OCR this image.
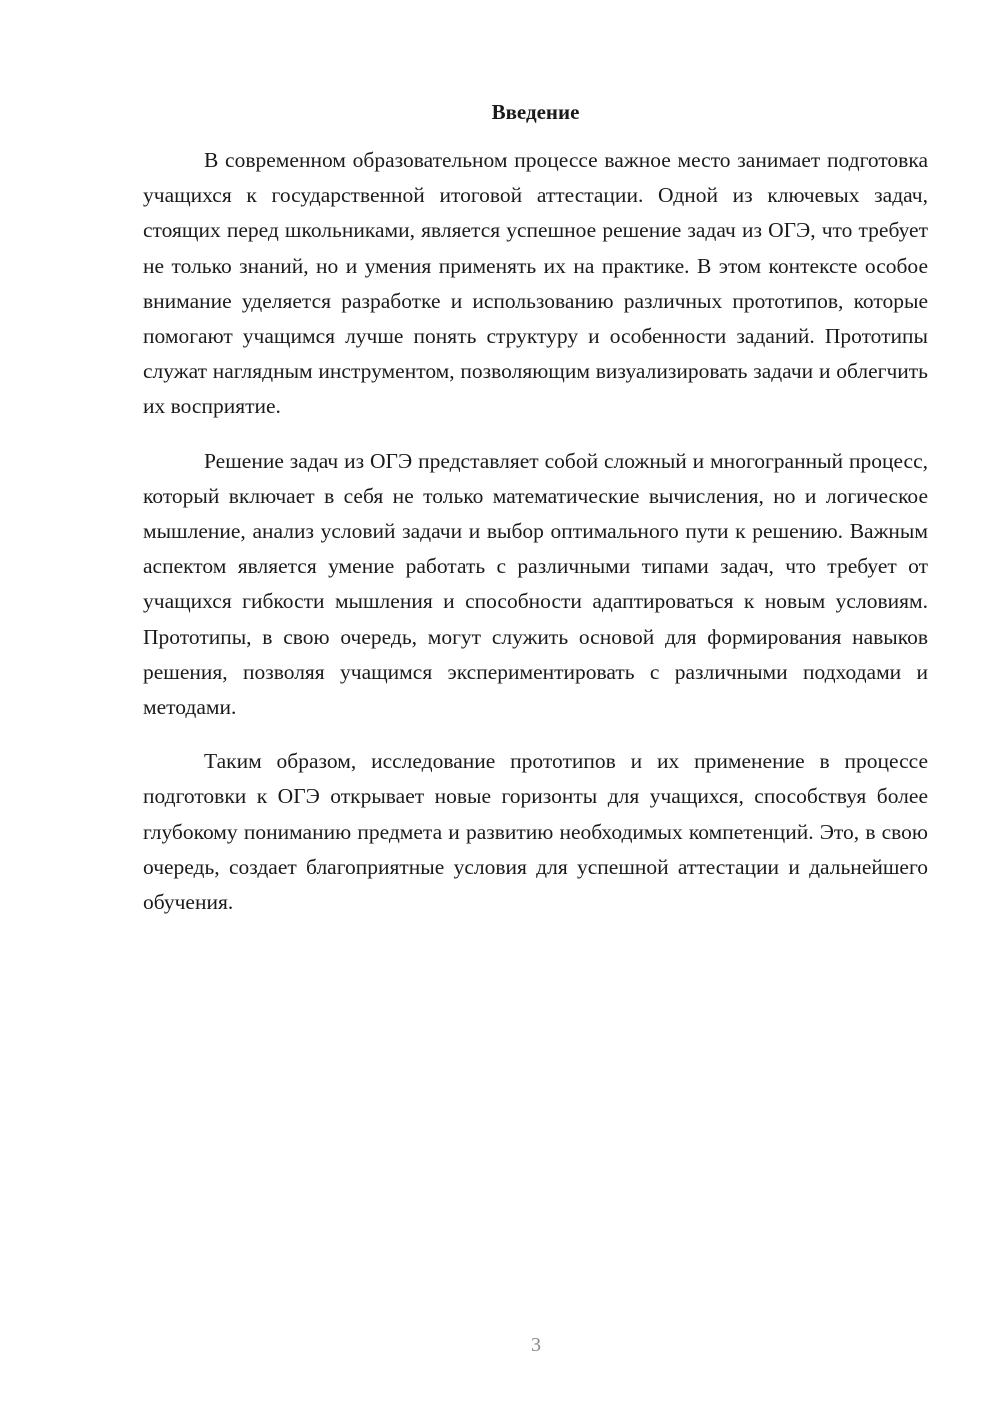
Введение

В современном образовательном процессе важное место занимает подготовка учащихся к государственной итоговой аттестации. Одной из ключевых задач, стоящих перед школьниками, является успешное решение задач из ОГЭ, что требует не только знаний, но и умения применять их на практике. В этом контексте особое внимание уделяется разработке и использованию различных прототипов, которые помогают учащимся лучше понять структуру и особенности заданий. Прототипы служат наглядным инструментом, позволяющим визуализировать задачи и облегчить их восприятие.

Решение задач из ОГЭ представляет собой сложный и многогранный процесс, который включает в себя не только математические вычисления, но и логическое мышление, анализ условий задачи и выбор оптимального пути к решению. Важным аспектом является умение работать с различными типами задач, что требует от учащихся гибкости мышления и способности адаптироваться к новым условиям. Прототипы, в свою очередь, могут служить основой для формирования навыков решения, позволяя учащимся экспериментировать с различными подходами и методами.

Таким образом, исследование прототипов и их применение в процессе подготовки к ОГЭ открывает новые горизонты для учащихся, способствуя более глубокому пониманию предмета и развитию необходимых компетенций. Это, в свою очередь, создает благоприятные условия для успешной аттестации и дальнейшего обучения.

3
